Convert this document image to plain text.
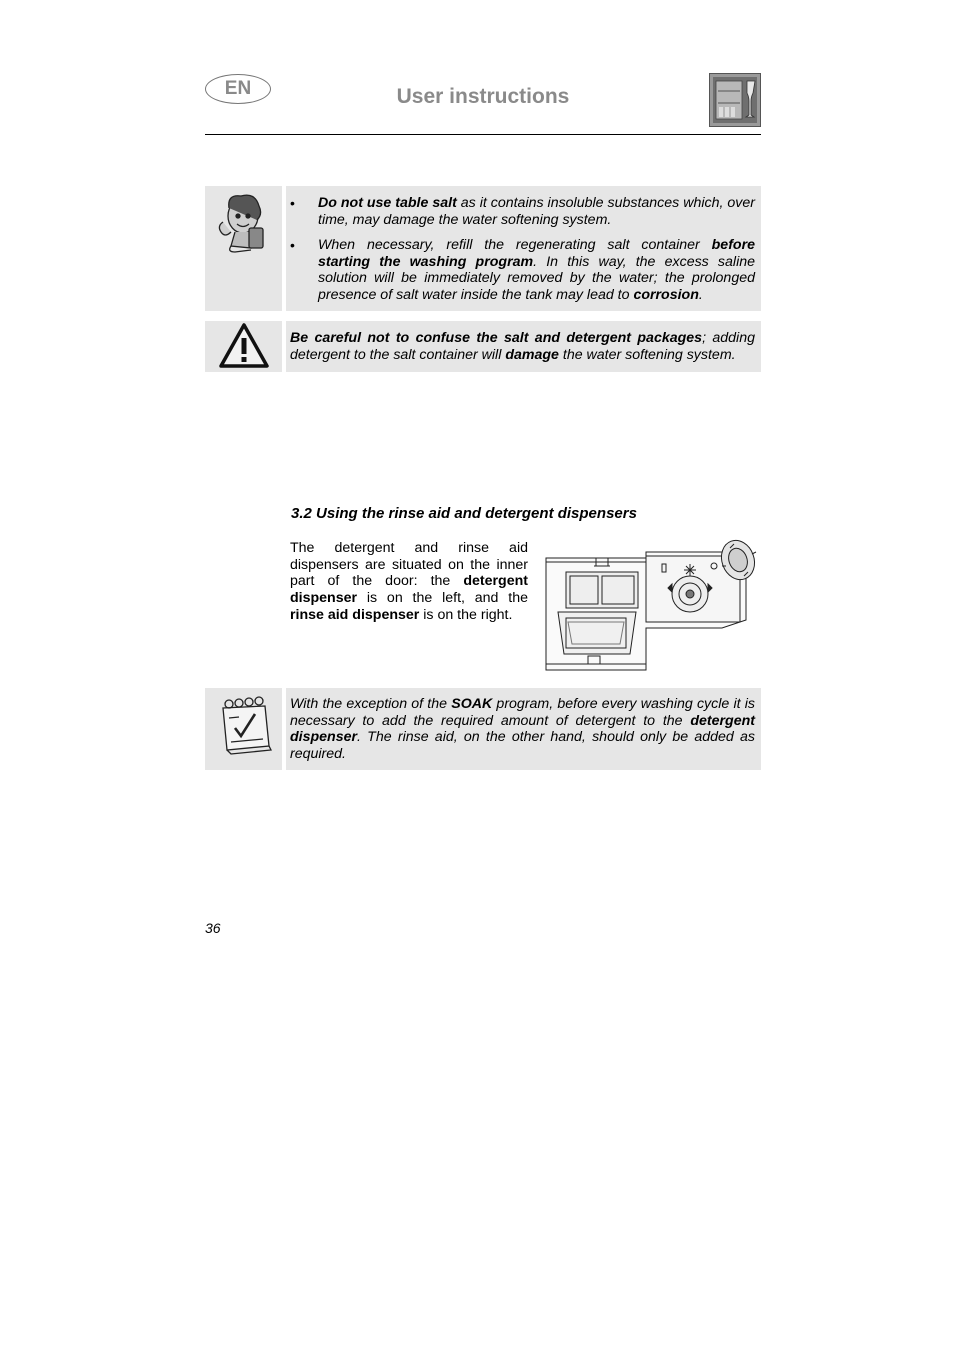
EN	User instructions
• Do not use table salt as it contains insoluble substances which, over time, may damage the water softening system.
• When necessary, refill the regenerating salt container before starting the washing program. In this way, the excess saline solution will be immediately removed by the water; the prolonged presence of salt water inside the tank may lead to corrosion.

Be careful not to confuse the salt and detergent packages; adding detergent to the salt container will damage the water softening system.

3.2 Using the rinse aid and detergent dispensers
The detergent and rinse aid dispensers are situated on the inner part of the door: the detergent dispenser is on the left, and the rinse aid dispenser is on the right.

With the exception of the SOAK program, before every washing cycle it is necessary to add the required amount of detergent to the detergent dispenser. The rinse aid, on the other hand, should only be added as required.

36
